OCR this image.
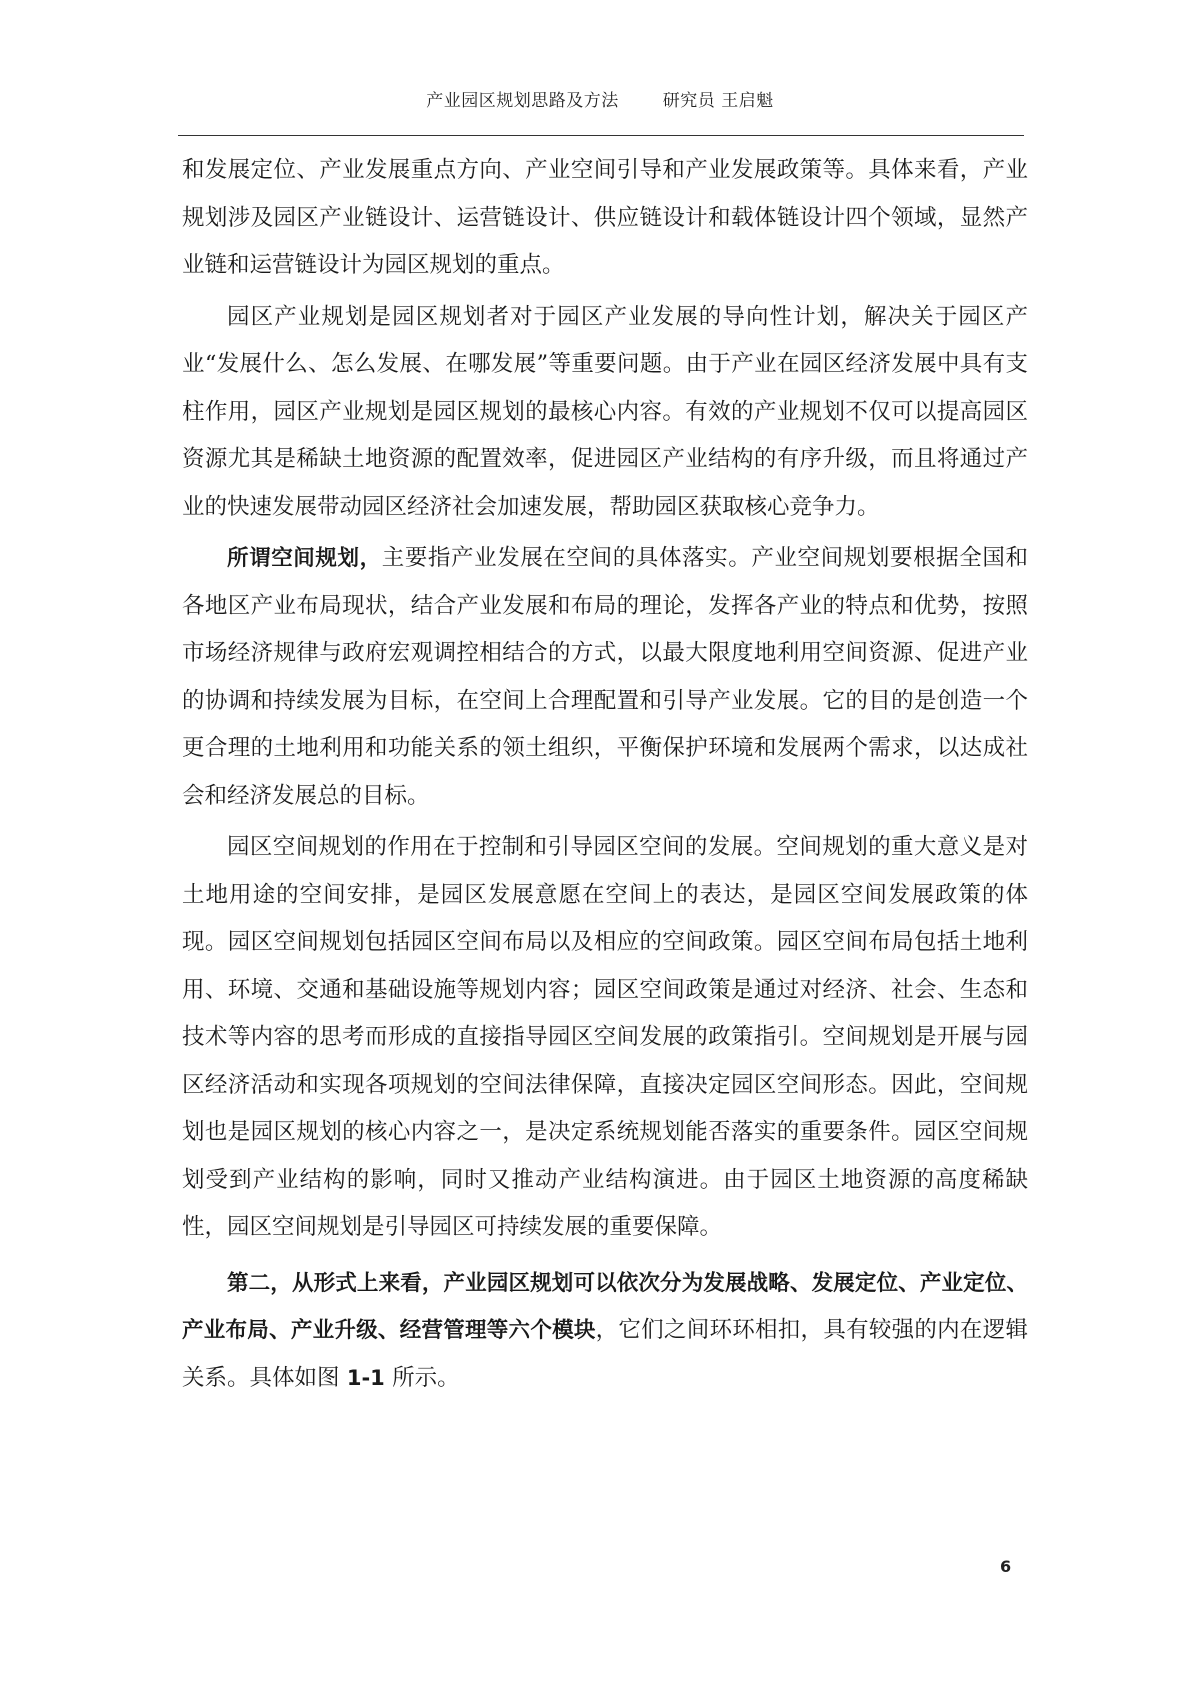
产业园区规划思路及方法	研究员 王启魁

和发展定位、产业发展重点方向、产业空间引导和产业发展政策等。具体来看，产业规划涉及园区产业链设计、运营链设计、供应链设计和载体链设计四个领域，显然产业链和运营链设计为园区规划的重点。

园区产业规划是园区规划者对于园区产业发展的导向性计划，解决关于园区产业“发展什么、怎么发展、在哪发展”等重要问题。由于产业在园区经济发展中具有支柱作用，园区产业规划是园区规划的最核心内容。有效的产业规划不仅可以提高园区资源尤其是稀缺土地资源的配置效率，促进园区产业结构的有序升级，而且将通过产业的快速发展带动园区经济社会加速发展，帮助园区获取核心竞争力。

所谓空间规划，主要指产业发展在空间的具体落实。产业空间规划要根据全国和各地区产业布局现状，结合产业发展和布局的理论，发挥各产业的特点和优势，按照市场经济规律与政府宏观调控相结合的方式，以最大限度地利用空间资源、促进产业的协调和持续发展为目标，在空间上合理配置和引导产业发展。它的目的是创造一个更合理的土地利用和功能关系的领土组织，平衡保护环境和发展两个需求，以达成社会和经济发展总的目标。

园区空间规划的作用在于控制和引导园区空间的发展。空间规划的重大意义是对土地用途的空间安排，是园区发展意愿在空间上的表达，是园区空间发展政策的体现。园区空间规划包括园区空间布局以及相应的空间政策。园区空间布局包括土地利用、环境、交通和基础设施等规划内容；园区空间政策是通过对经济、社会、生态和技术等内容的思考而形成的直接指导园区空间发展的政策指引。空间规划是开展与园区经济活动和实现各项规划的空间法律保障，直接决定园区空间形态。因此，空间规划也是园区规划的核心内容之一，是决定系统规划能否落实的重要条件。园区空间规划受到产业结构的影响，同时又推动产业结构演进。由于园区土地资源的高度稀缺性，园区空间规划是引导园区可持续发展的重要保障。

第二，从形式上来看，产业园区规划可以依次分为发展战略、发展定位、产业定位、产业布局、产业升级、经营管理等六个模块，它们之间环环相扣，具有较强的内在逻辑关系。具体如图 1-1 所示。

6
